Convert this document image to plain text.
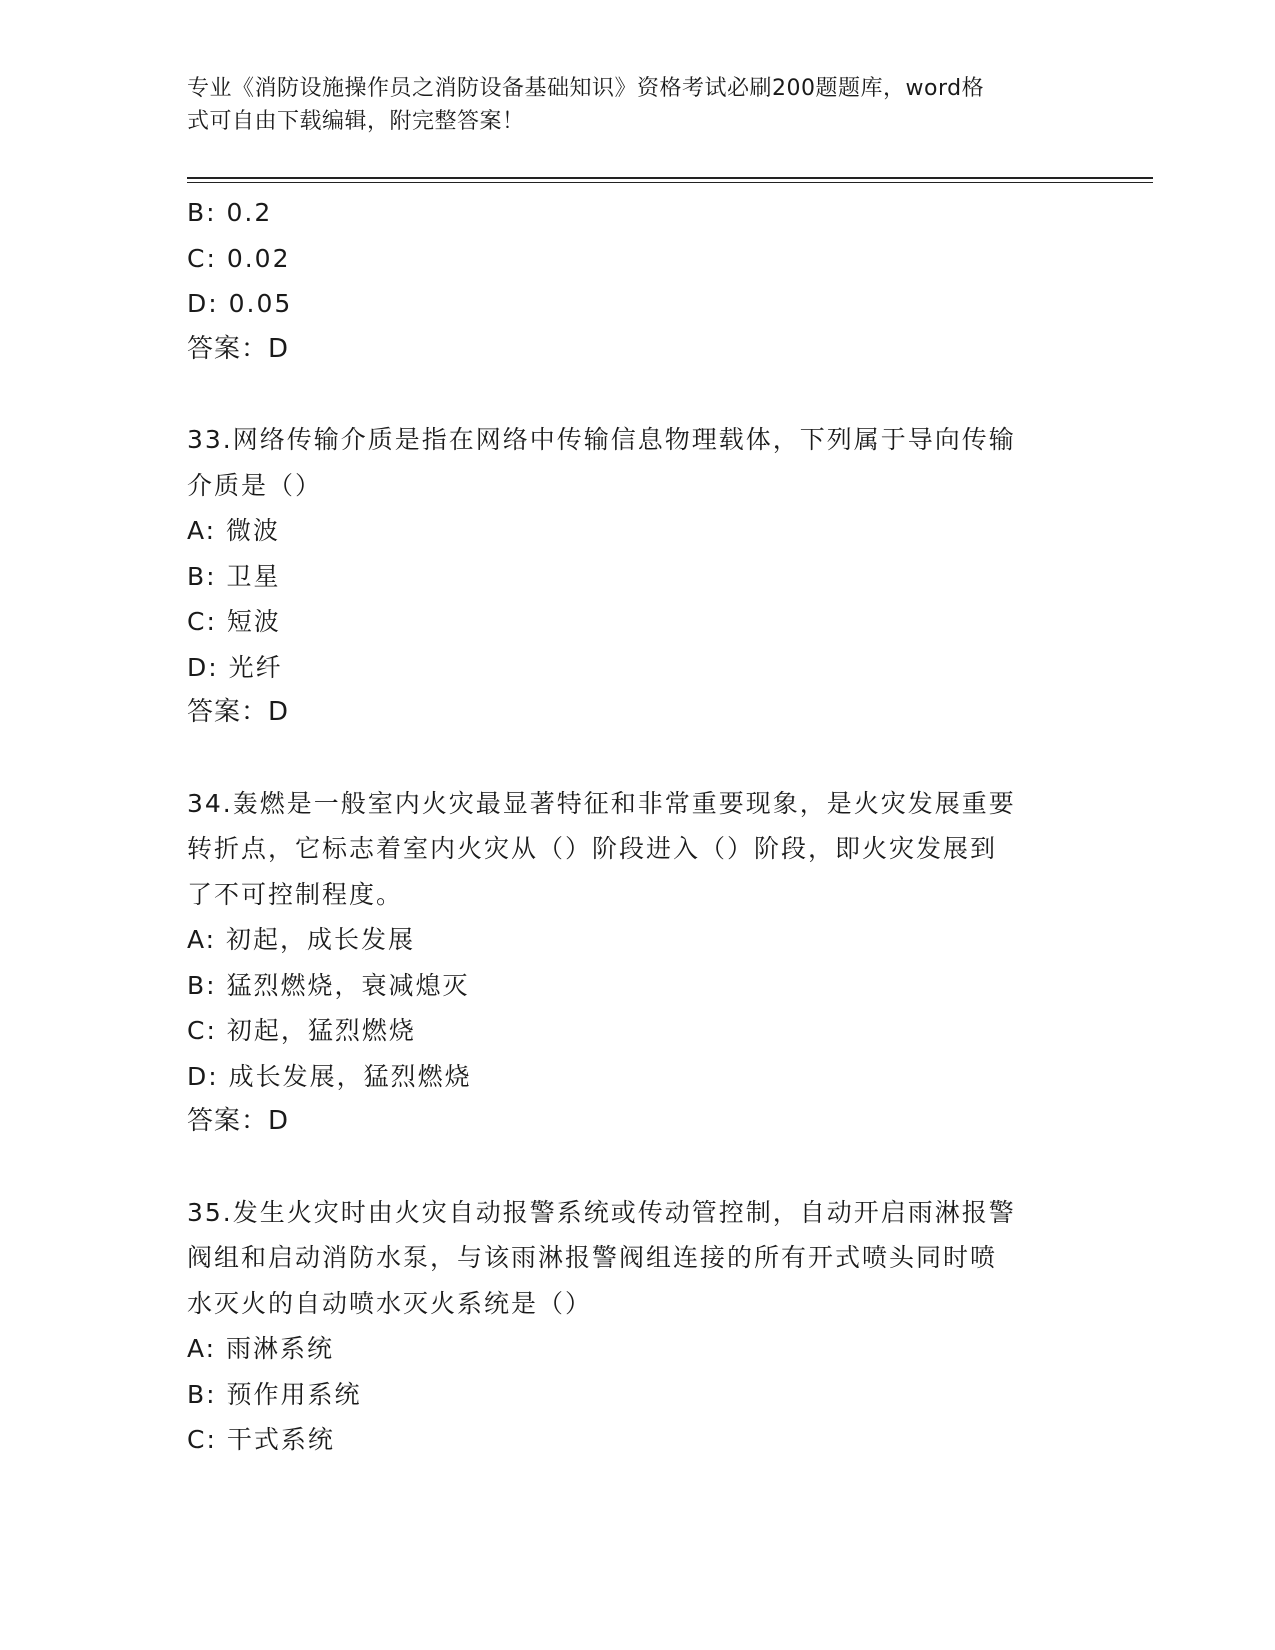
专业《消防设施操作员之消防设备基础知识》资格考试必刷200题题库，word格
式可自由下载编辑，附完整答案！
B: 0.2
C: 0.02
D: 0.05
答案：D
33.网络传输介质是指在网络中传输信息物理载体，下列属于导向传输
介质是（）
A: 微波
B: 卫星
C: 短波
D: 光纤
答案：D
34.轰燃是一般室内火灾最显著特征和非常重要现象，是火灾发展重要
转折点，它标志着室内火灾从（）阶段进入（）阶段，即火灾发展到
了不可控制程度。
A: 初起，成长发展
B: 猛烈燃烧，衰减熄灭
C: 初起，猛烈燃烧
D: 成长发展，猛烈燃烧
答案：D
35.发生火灾时由火灾自动报警系统或传动管控制，自动开启雨淋报警
阀组和启动消防水泵，与该雨淋报警阀组连接的所有开式喷头同时喷
水灭火的自动喷水灭火系统是（）
A: 雨淋系统
B: 预作用系统
C: 干式系统
